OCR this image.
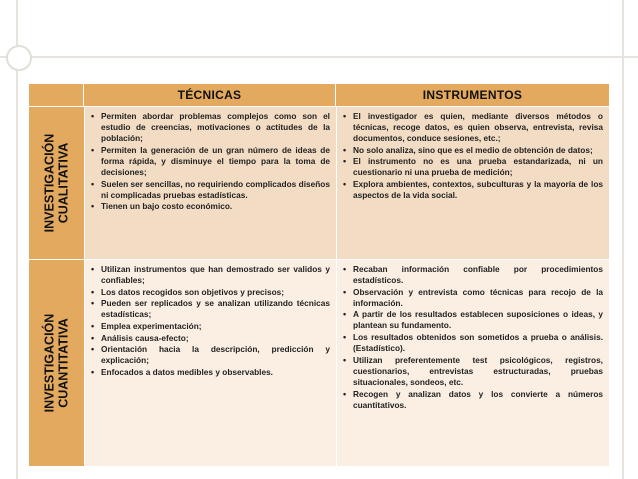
TÉCNICAS	INSTRUMENTOS
INVESTIGACIÓN CUALITATIVA
• Permiten abordar problemas complejos como son el estudio de creencias, motivaciones o actitudes de la población;
• Permiten la generación de un gran número de ideas de forma rápida, y disminuye el tiempo para la toma de decisiones;
• Suelen ser sencillas, no requiriendo complicados diseños ni complicadas pruebas estadísticas.
• Tienen un bajo costo económico.
• El investigador es quien, mediante diversos métodos o técnicas, recoge datos, es quien observa, entrevista, revisa documentos, conduce sesiones, etc.;
• No solo analiza, sino que es el medio de obtención de datos;
• El instrumento no es una prueba estandarizada, ni un cuestionario ni una prueba de medición;
• Explora ambientes, contextos, subculturas y la mayoría de los aspectos de la vida social.
INVESTIGACIÓN CUANTITATIVA
• Utilizan instrumentos que han demostrado ser validos y confiables;
• Los datos recogidos son objetivos y precisos;
• Pueden ser replicados y se analizan utilizando técnicas estadísticas;
• Emplea experimentación;
• Análisis causa-efecto;
• Orientación hacia la descripción, predicción y explicación;
• Enfocados a datos medibles y observables.
• Recaban información confiable por procedimientos estadísticos.
• Observación y entrevista como técnicas para recojo de la información.
• A partir de los resultados establecen suposiciones o ideas, y plantean su fundamento.
• Los resultados obtenidos son sometidos a prueba o análisis. (Estadístico).
• Utilizan preferentemente test psicológicos, registros, cuestionarios, entrevistas estructuradas, pruebas situacionales, sondeos, etc.
• Recogen y analizan datos y los convierte a números cuantitativos.
